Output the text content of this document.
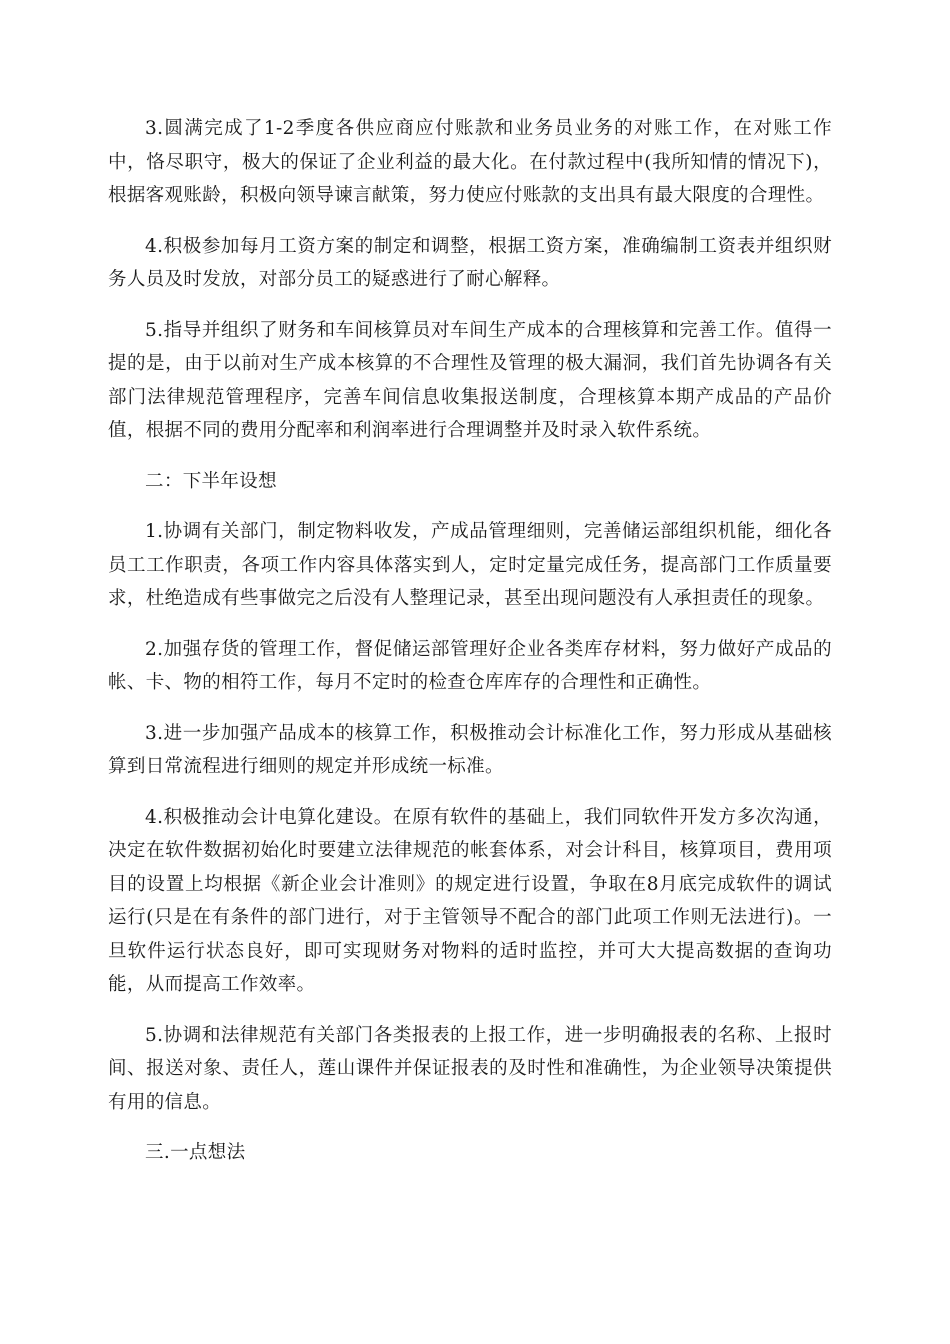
3.圆满完成了1-2季度各供应商应付账款和业务员业务的对账工作，在对账工作中，恪尽职守，极大的保证了企业利益的最大化。在付款过程中(我所知情的情况下)，根据客观账龄，积极向领导谏言献策，努力使应付账款的支出具有最大限度的合理性。

4.积极参加每月工资方案的制定和调整，根据工资方案，准确编制工资表并组织财务人员及时发放，对部分员工的疑惑进行了耐心解释。

5.指导并组织了财务和车间核算员对车间生产成本的合理核算和完善工作。值得一提的是，由于以前对生产成本核算的不合理性及管理的极大漏洞，我们首先协调各有关部门法律规范管理程序，完善车间信息收集报送制度，合理核算本期产成品的产品价值，根据不同的费用分配率和利润率进行合理调整并及时录入软件系统。

二：下半年设想

1.协调有关部门，制定物料收发，产成品管理细则，完善储运部组织机能，细化各员工工作职责，各项工作内容具体落实到人，定时定量完成任务，提高部门工作质量要求，杜绝造成有些事做完之后没有人整理记录，甚至出现问题没有人承担责任的现象。

2.加强存货的管理工作，督促储运部管理好企业各类库存材料，努力做好产成品的帐、卡、物的相符工作，每月不定时的检查仓库库存的合理性和正确性。

3.进一步加强产品成本的核算工作，积极推动会计标准化工作，努力形成从基础核算到日常流程进行细则的规定并形成统一标准。

4.积极推动会计电算化建设。在原有软件的基础上，我们同软件开发方多次沟通，决定在软件数据初始化时要建立法律规范的帐套体系，对会计科目，核算项目，费用项目的设置上均根据《新企业会计准则》的规定进行设置，争取在8月底完成软件的调试运行(只是在有条件的部门进行，对于主管领导不配合的部门此项工作则无法进行)。一旦软件运行状态良好，即可实现财务对物料的适时监控，并可大大提高数据的查询功能，从而提高工作效率。

5.协调和法律规范有关部门各类报表的上报工作，进一步明确报表的名称、上报时间、报送对象、责任人，莲山课件并保证报表的及时性和准确性，为企业领导决策提供有用的信息。

三.一点想法
